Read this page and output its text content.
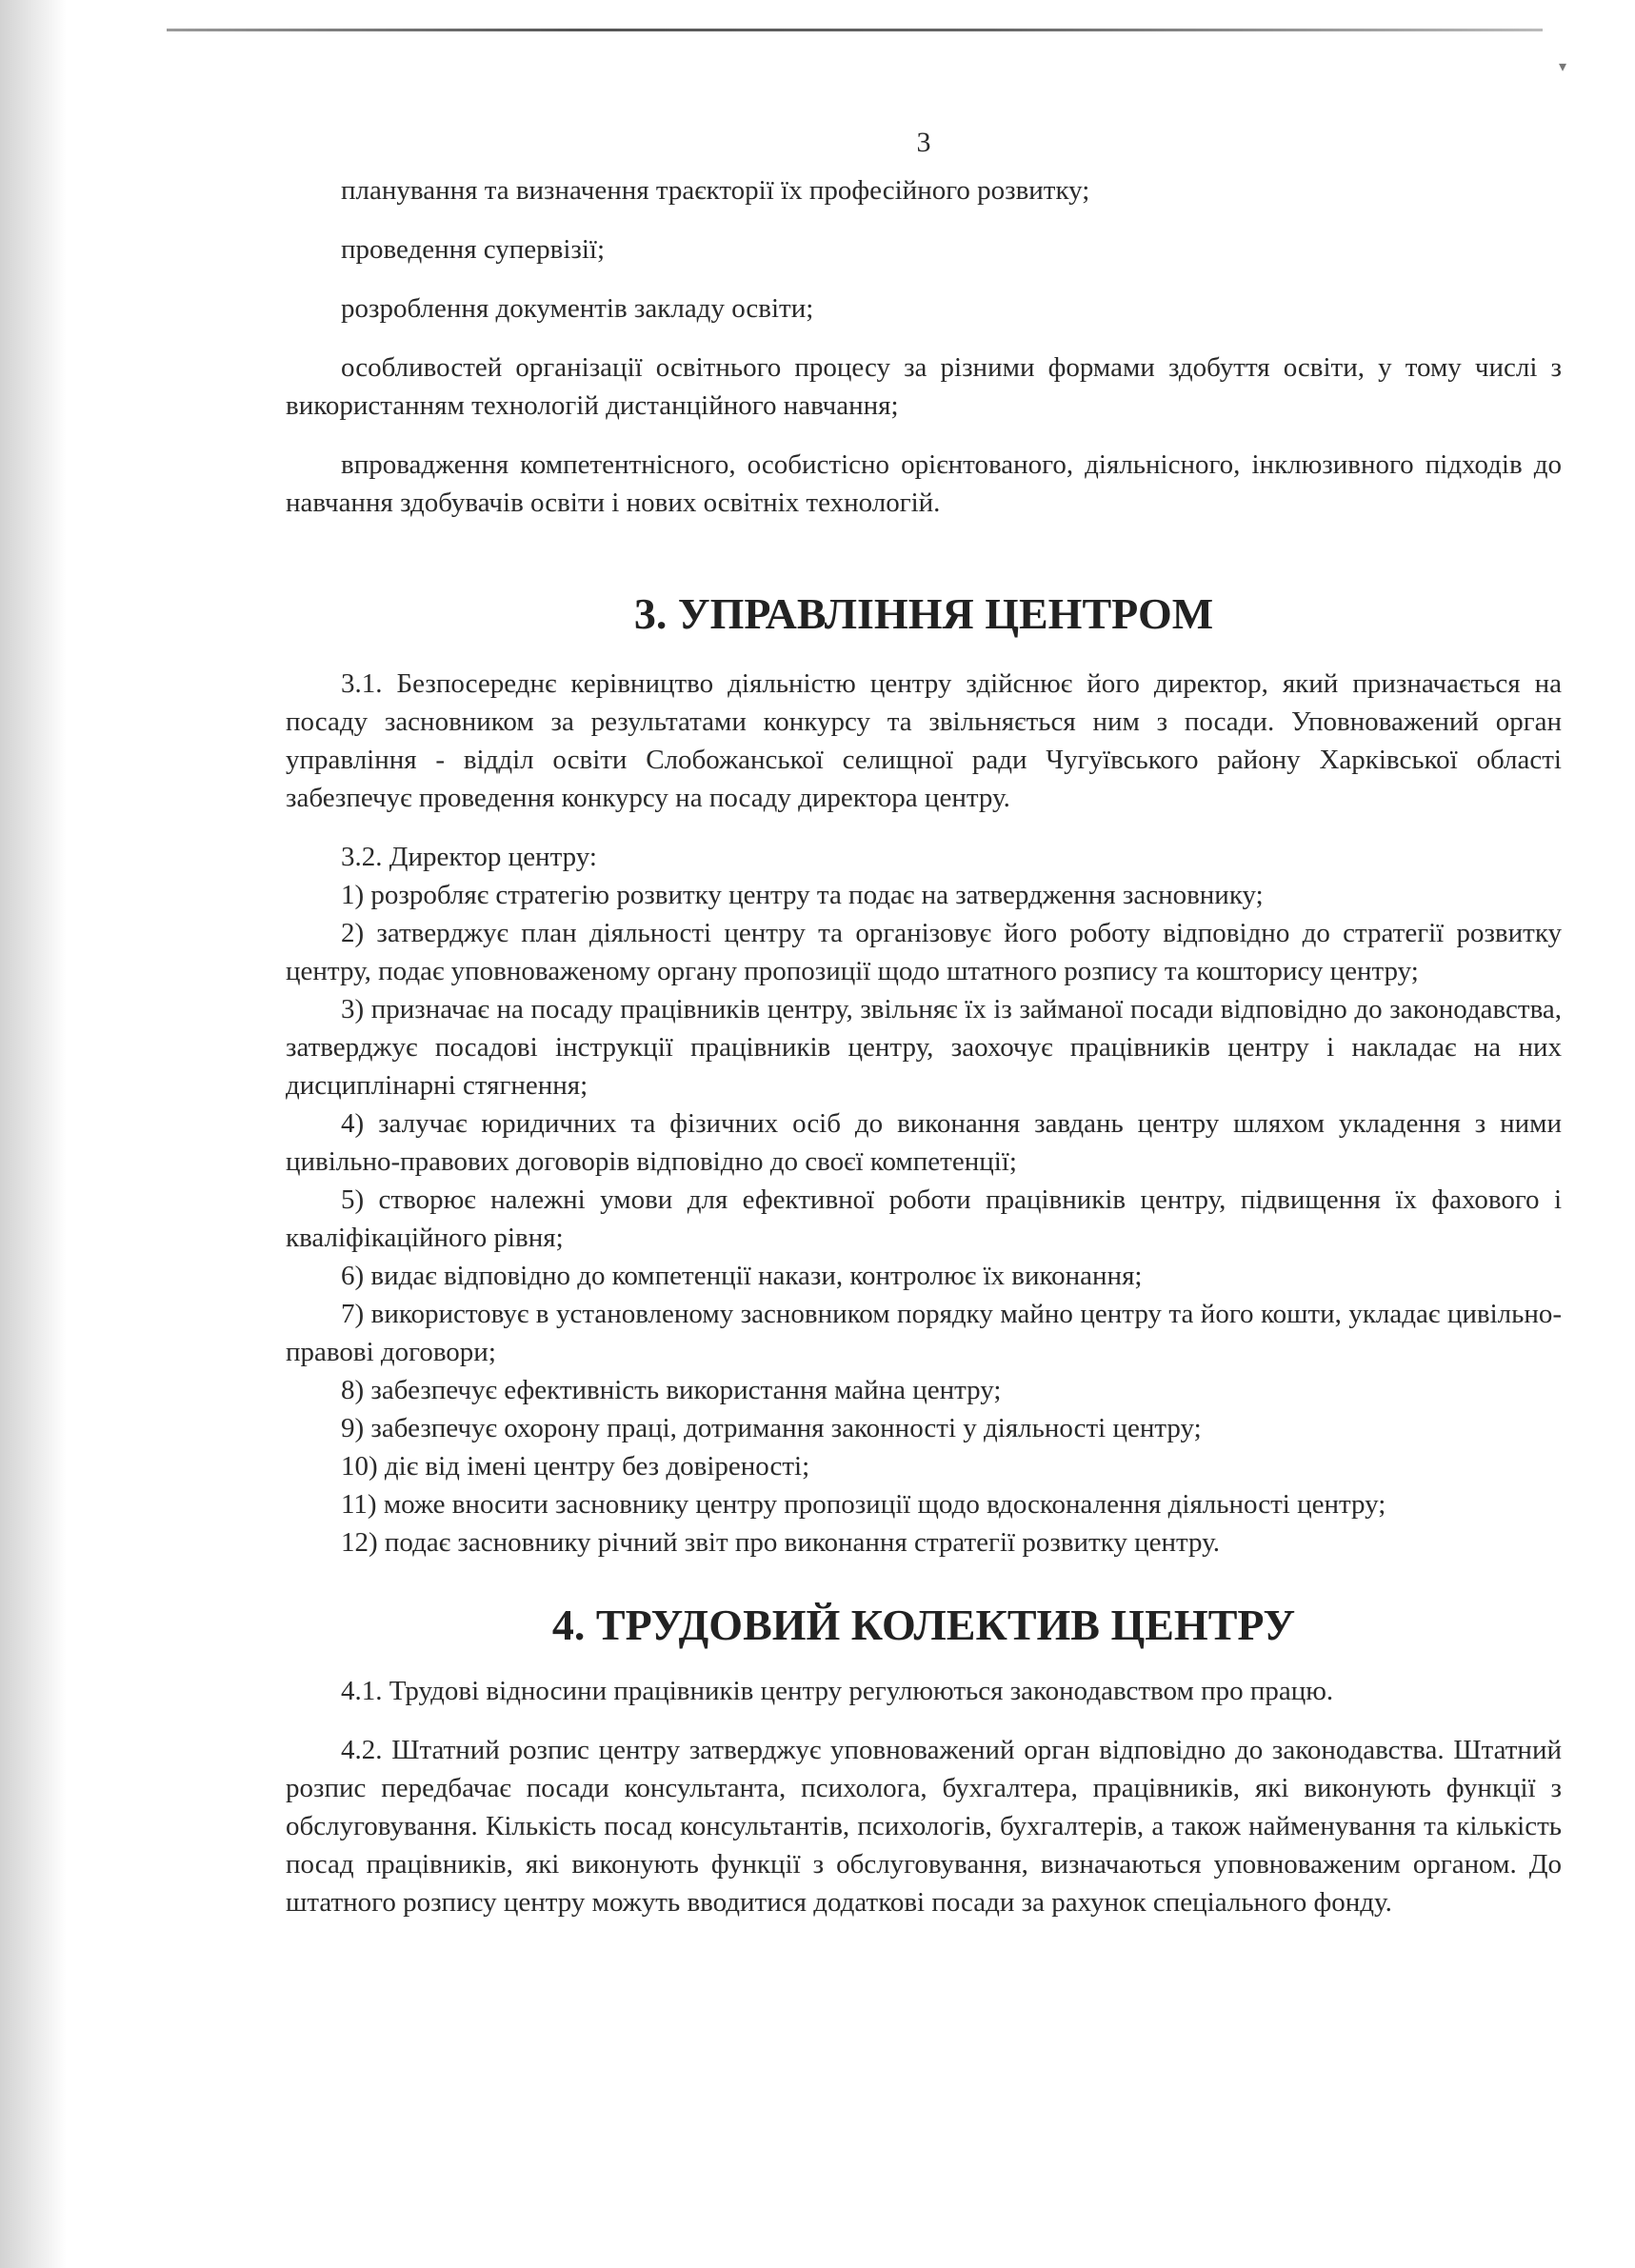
▾
3

планування та визначення траєкторії їх професійного розвитку;

проведення супервізії;

розроблення документів закладу освіти;

особливостей організації освітнього процесу за різними формами здобуття освіти, у тому числі з використанням технологій дистанційного навчання;

впровадження компетентнісного, особистісно орієнтованого, діяльнісного, інклюзивного підходів до навчання здобувачів освіти і нових освітніх технологій.

3. УПРАВЛІННЯ ЦЕНТРОМ

3.1. Безпосереднє керівництво діяльністю центру здійснює його директор, який призначається на посаду засновником за результатами конкурсу та звільняється ним з посади. Уповноважений орган управління - відділ освіти Слобожанської селищної ради Чугуївського району Харківської області забезпечує проведення конкурсу на посаду директора центру.

3.2. Директор центру:

1) розробляє стратегію розвитку центру та подає на затвердження засновнику;

2) затверджує план діяльності центру та організовує його роботу відповідно до стратегії розвитку центру, подає уповноваженому органу пропозиції щодо штатного розпису та кошторису центру;

3) призначає на посаду працівників центру, звільняє їх із займаної посади відповідно до законодавства, затверджує посадові інструкції працівників центру, заохочує працівників центру і накладає на них дисциплінарні стягнення;

4) залучає юридичних та фізичних осіб до виконання завдань центру шляхом укладення з ними цивільно-правових договорів відповідно до своєї компетенції;

5) створює належні умови для ефективної роботи працівників центру, підвищення їх фахового і кваліфікаційного рівня;

6) видає відповідно до компетенції накази, контролює їх виконання;

7) використовує в установленому засновником порядку майно центру та його кошти, укладає цивільно-правові договори;

8) забезпечує ефективність використання майна центру;

9) забезпечує охорону праці, дотримання законності у діяльності центру;

10) діє від імені центру без довіреності;

11) може вносити засновнику центру пропозиції щодо вдосконалення діяльності центру;

12) подає засновнику річний звіт про виконання стратегії розвитку центру.

4. ТРУДОВИЙ КОЛЕКТИВ ЦЕНТРУ

4.1. Трудові відносини працівників центру регулюються законодавством про працю.

4.2. Штатний розпис центру затверджує уповноважений орган відповідно до законодавства. Штатний розпис передбачає посади консультанта, психолога, бухгалтера, працівників, які виконують функції з обслуговування. Кількість посад консультантів, психологів, бухгалтерів, а також найменування та кількість посад працівників, які виконують функції з обслуговування, визначаються уповноваженим органом. До штатного розпису центру можуть вводитися додаткові посади за рахунок спеціального фонду.
